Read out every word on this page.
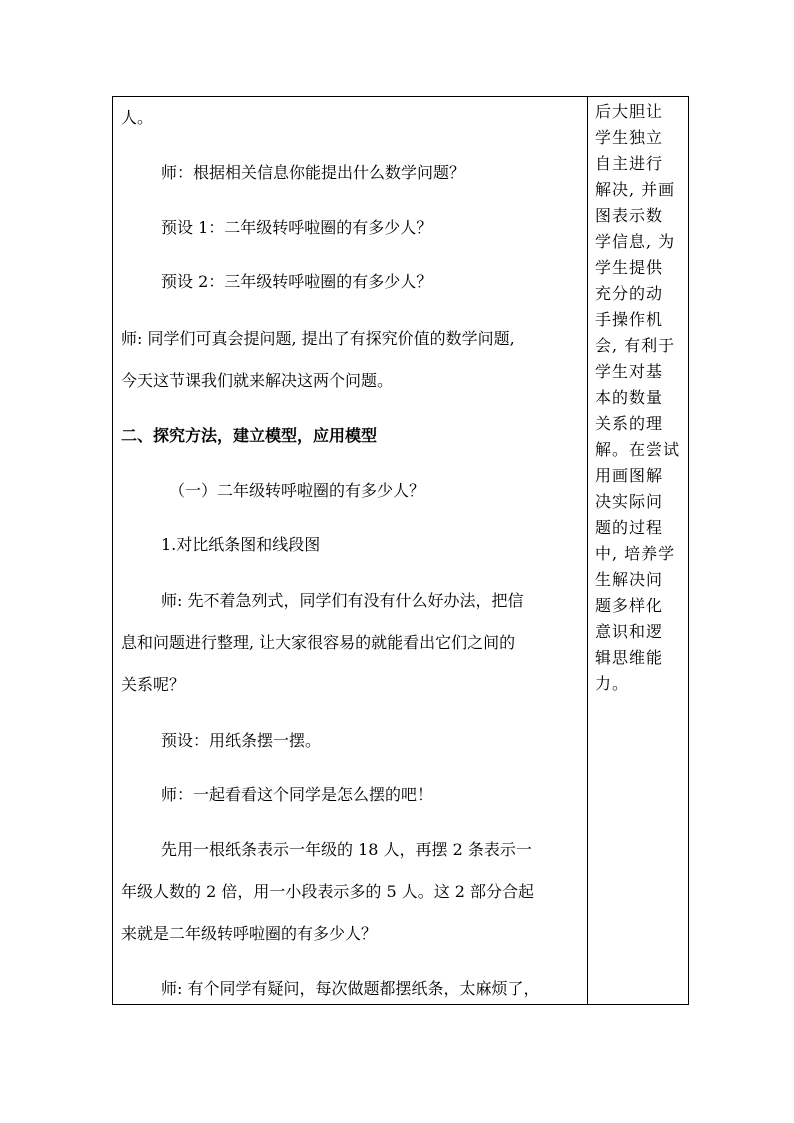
人。
师：根据相关信息你能提出什么数学问题？
预设 1：二年级转呼啦圈的有多少人？
预设 2：三年级转呼啦圈的有多少人？
师: 同学们可真会提问题, 提出了有探究价值的数学问题,
今天这节课我们就来解决这两个问题。
二、探究方法，建立模型，应用模型
（一）二年级转呼啦圈的有多少人？
1.对比纸条图和线段图
师: 先不着急列式，同学们有没有什么好办法，把信
息和问题进行整理, 让大家很容易的就能看出它们之间的
关系呢？
预设：用纸条摆一摆。
师：一起看看这个同学是怎么摆的吧！
先用一根纸条表示一年级的 18 人，再摆 2 条表示一
年级人数的 2 倍，用一小段表示多的 5 人。这 2 部分合起
来就是二年级转呼啦圈的有多少人？
师: 有个同学有疑问，每次做题都摆纸条，太麻烦了，
后大胆让
学生独立
自主进行
解决, 并画
图表示数
学信息, 为
学生提供
充分的动
手操作机
会, 有利于
学生对基
本的数量
关系的理
解。在尝试
用画图解
决实际问
题的过程
中, 培养学
生解决问
题多样化
意识和逻
辑思维能
力。
